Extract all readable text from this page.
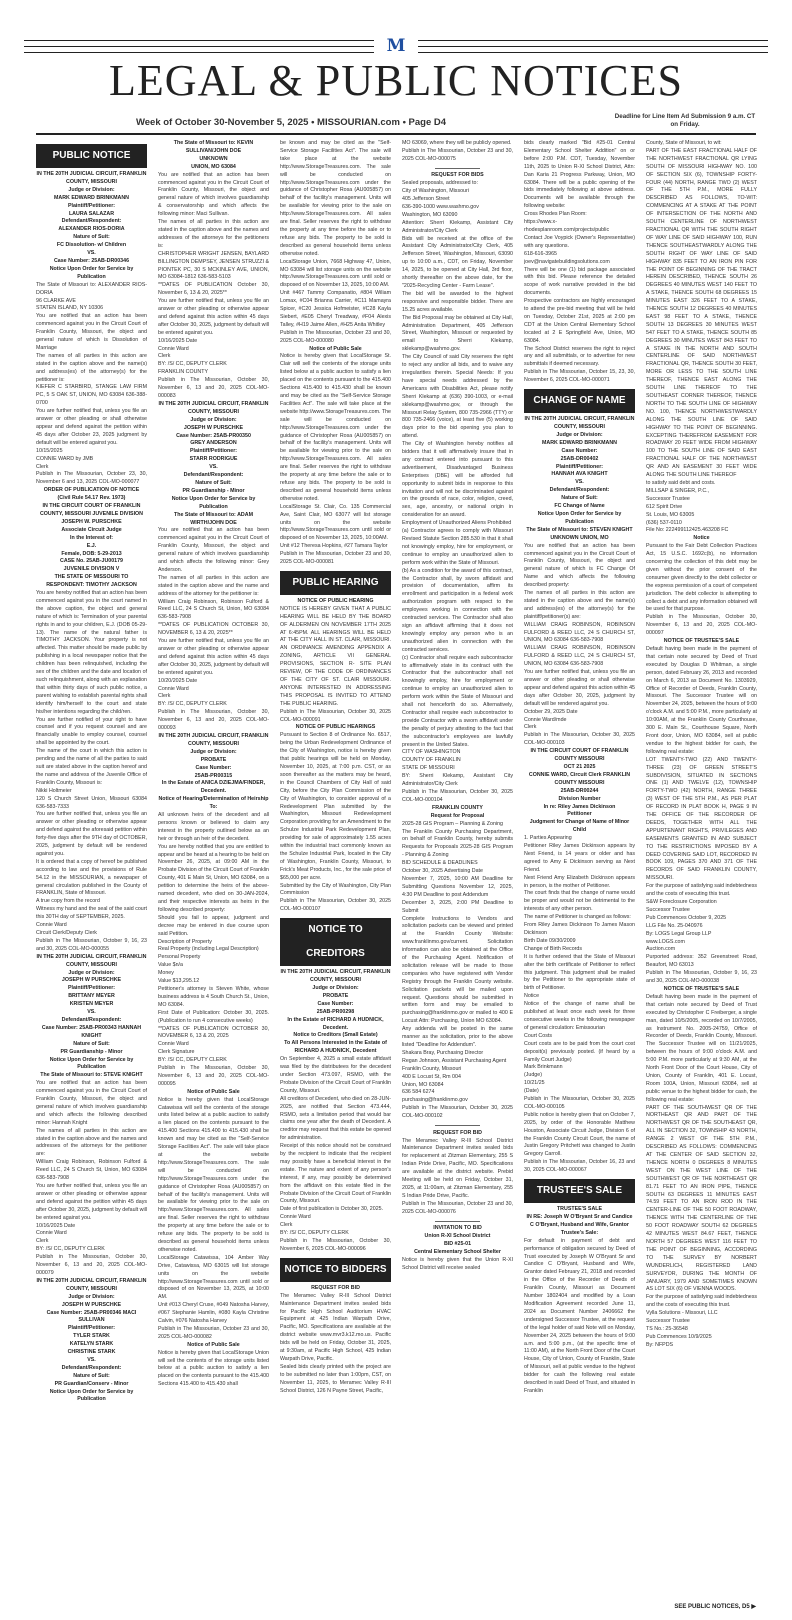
M
LEGAL & PUBLIC NOTICES
Week of October 30-November 5, 2025 • MISSOURIAN.com • Page D4
Deadline for Line Item Ad Submission 9 a.m. CT on Friday.
PUBLIC NOTICE
IN THE 20TH JUDICIAL CIRCUIT, FRANKLIN COUNTY, MISSOURI
Judge or Division:
MARK EDWARD BRINKMANN
Plaintiff/Petitioner:
LAURA SALAZAR
Defendant/Respondent:
ALEXANDER RIOS-DORIA
Nature of Suit:
FC Dissolution- w/ Children
VS.
Case Number: 25AB-DR00346
Notice Upon Order for Service by Publication
The State of Missouri to: ALEXANDER RIOS-DORIA
96 CLARKE AVE
STATEN ISLAND, NY 10306
You are notified that an action has been commenced against you in the Circuit Court of Franklin County, Missouri, the object and general nature of which is Dissolution of Marriage
The names of all parties in this action are stated in the caption above and the name(s) and address(es) of the attorney(s) for the petitioner is:
KIEFER C STARBIRD, STANGE LAW FIRM PC, 5 S OAK ST, UNION, MO 63084 636-388-0700
You are further notified that, unless you file an answer or other pleading or shall otherwise appear and defend against the petition within 45 days after October 23, 2025 judgment by default will be entered against you.
10/15/2025
CONNIE WARD by JMB
Clerk
Publish in The Missourian, October 23, 30, November 6 and 13, 2025 COL-MO-000077
ORDER OF PUBLICATION OF NOTICE
(Civil Rule 54.17 Rev. 1973)
IN THE CIRCUIT COURT OF FRANKLIN COUNTY, MISSOURI JUVENILE DIVISION
JOSEPH W. PURSCHKE
Associate Circuit Judge
In the Interest of:
E.J.
Female, DOB: 5-29-2013
CASE No. 25AB-JU00179
JUVENILE DIVISION V
THE STATE OF MISSOURI TO RESPONDENT: TIMOTHY JACKSON
You are hereby notified that an action has been commenced against you in the court named in the above caption, the object and general nature of which is: Termination of your parental rights in and to your children, E.J. (DOB 05-29-13). The name of the natural father is TIMOTHY JACKSON. Your property is not affected. This matter should be made public by publishing in a local newspaper notice that the children has been relinquished, including the sex of the children and the date and location of such relinquishment, along with an explanation that within thirty days of such public notice, a parent wishing to establish parental rights shall identify him/herself to the court and state his/her intentions regarding the child/ren.
You are further notified of your right to have counsel and if you request counsel and are financially unable to employ counsel, counsel shall be appointed by the court.
The name of the court in which this action is pending and the name of all the parties to said suit are stated above in the caption hereof and the name and address of the Juvenile Office of Franklin County, Missouri is:
Nikki Holtmeier
120 S Church Street Union, Missouri 63084 636-583-7333
You are further notified that, unless you file an answer or other pleading or otherwise appear and defend against the aforesaid petition within forty-five days after the 9TH day of OCTOBER, 2025, judgment by default will be rendered against you.
It is ordered that a copy of hereof be published according to law and the provisions of Rule 54.12 in the MISSOURIAN, a newspaper of general circulation published in the County of FRANKLIN, State of Missouri.
A true copy from the record
Witness my hand and the seal of the said court this 30TH day of SEPTEMBER, 2025.
Connie Ward
Circuit Clerk/Deputy Clerk
Publish in The Missourian, October 9, 16, 23 and 30, 2025 COL-MO-000055
IN THE 20TH JUDICIAL CIRCUIT, FRANKLIN COUNTY, MISSOURI
Judge or Division:
JOSEPH W PURSCHKE
Plaintiff/Petitioner:
BRITTANY MEYER
KRISTEN MEYER
VS.
Defendant/Respondent:
Case Number: 25AB-PR00343 HANNAH KNIGHT
Nature of Suit:
PR Guardianship - Minor
Notice Upon Order for Service by Publication
The State of Missouri to: STEVE KNIGHT
You are notified that an action has been commenced against you in the Circuit Court of Franklin County, Missouri, the object and general nature of which involves guardianship and which affects the following described minor: Hannah Knight
The names of all parties in this action are stated in the caption above and the names and addresses of the attorneys for the petitioner are:
William Craig Robinson, Robinson Fulford & Reed LLC, 24 S Church St, Union, MO 63084 636-583-7908
You are further notified that, unless you file an answer or other pleading or otherwise appear and defend against the petition within 45 days after October 30, 2025, judgment by default will be entered against you.
10/16/2025 Date
Connie Ward
Clerk
BY: /S/ CC, DEPUTY CLERK
Publish in The Missourian, October 30, November 6, 13 and 20, 2025 COL-MO-000079
IN THE 20TH JUDICIAL CIRCUIT, FRANKLIN COUNTY, MISSOURI
Judge or Division:
JOSEPH W PURSCHKE
Case Number: 25AB-PR00346 MACI SULLIVAN
Plaintiff/Petitioner:
TYLER STARK
KATELYN STARK
CHRISTINE STARK
VS.
Defendant/Respondent:
Nature of Suit:
PR Guardian/Conserv - Minor
Notice Upon Order for Service by Publication
The State of Missouri to: KEVIN SULLIVAN/JOHN DOE
UNKNOWN
UNION, MO 63084
You are notified that an action has been commenced against you in the Circuit Court of Franklin County, Missouri, the object and general nature of which involves guardianship & conservatorship and which affects the following minor: Maci Sullivan.
The names of all parties in this action are stated in the caption above and the names and addresses of the attorneys for the petitioners is:
CHRISTOPHER WRIGHT JENSEN, BAYLARD BILLINGTON DEMPSEY, JENSEN STRUZZI & PIONTEK PC, 30 S MCKINLEY AVE, UNION, MO 63084-1812 636-583-5103
**DATES OF PUBLICATION October 30, November 6, 13 & 20, 2025**
You are further notified that, unless you file an answer or other pleading or otherwise appear and defend against this action within 45 days after October 30, 2025, judgment by default will be entered against you.
10/16/2025 Date
Connie Ward
Clerk
BY: /S/ CC, DEPUTY CLERK
FRANKLIN COUNTY
Publish in The Missourian, October 30, November 6, 13 and 20, 2025 COL-MO-000083
IN THE 20TH JUDICIAL CIRCUIT, FRANKLIN COUNTY, MISSOURI
Judge or Division:
JOSEPH W PURSCHKE
Case Number: 25AB-PR00350
GREY ANDERSON
Plaintiff/Petitioner:
STARR RODRIGUE
VS.
Defendant/Respondent:
Nature of Suit:
PR Guardianship - Minor
Notice Upon Order for Service by Publication
The State of Missouri to: ADAM WIRTH/JOHN DOE
You are notified that an action has been commenced against you in the Circuit Court of Franklin County, Missouri, the object and general nature of which involves guardianship and which affects the following minor: Grey Anderson.
The names of all parties in this action are stated in the caption above and the name and address of the attorney for the petitioner is:
William Craig Robinson, Robinson Fulford & Reed LLC, 24 S Church St, Union, MO 63084 636-583-7908
**DATES OF PUBLICATION OCTOBER 30, NOVEMBER 6, 13 & 20, 2025**
You are further notified that, unless you file an answer or other pleading or otherwise appear and defend against this action within 45 days after October 30, 2025, judgment by default will be entered against you.
10/20/2025 Date
Connie Ward
Clerk
BY: /S/ CC, DEPUTY CLERK
Publish in The Missourian, October 30, November 6, 13 and 20, 2025 COL-MO-000093
IN THE 20TH JUDICIAL CIRCUIT, FRANKLIN COUNTY, MISSOURI
Judge or Division:
PROBATE
Case Number:
25AB-PR00315
In the Estate of ANICA DZIEJMA/FINDER, Decedent.
Notice of Hearing/Determination of Heirship
To:
All unknown heirs of the decedent and all persons known or believed to claim any interest in the property outlined below as an heir or through an heir of the decedent.
You are hereby notified that you are entitled to appear and be heard at a hearing to be held on November 26, 2025, at 09:00 AM in the Probate Division of the Circuit Court of Franklin County, 401 E Main St, Union, MO 63084, on a petition to determine the heirs of the above-named decedent, who died on 30-JAN-2024, and their respective interests as heirs in the following described property:
Should you fail to appear, judgment and decree may be entered in due course upon said Petition.
Description of Property
Real Property (including Legal Description)
Personal Property
Value $n/a
Money
Value $13,295.12
Petitioner's attorney is Steven White, whose business address is 4 South Church St., Union, MO 63084.
First Date of Publication: October 30, 2025. (Publication to run 4 consecutive weeks)
**DATES OF PUBLICATION OCTOBER 30, NOVEMBER 6, 13 & 20, 2025
Connie Ward
Clerk Signature
BY: /S/ CC, DEPUTY CLERK
Publish in The Missourian, October 30, November 6, 13 and 20, 2025 COL-MO-000095
Notice of Public Sale
Notice is hereby given that LocalStorage Catawissa will sell the contents of the storage units listed below at a public auction to satisfy a lien placed on the contents pursuant to the 415.400 Sections 415.400 to 415.430 shall be known and may be cited as the "Self-Service Storage Facilities Act". The sale will take place at the website http://www.StorageTreasures.com. The sale will be conducted on http://www.StorageTreasures.com under the guidance of Christopher Rosa (AU005857) on behalf of the facility's management. Units will be available for viewing prior to the sale on http://www.StorageTreasures.com. All sales are final. Seller reserves the right to withdraw the property at any time before the sale or to refuse any bids. The property to be sold is described as general household items unless otherwise noted.
LocalStorage Catawissa, 104 Amber Way Drive, Catawissa, MO 63015 will list storage units on the website http://www.StorageTreasures.com until sold or disposed of on November 13, 2025, at 10:00 AM.
Unit #013 Cheryl Cruse, #049 Natosha Harvey, #067 Stephanie Hamlin, #080 Kayla Christine Calvin, #076 Natosha Harvey
Publish in The Missourian, October 23 and 30, 2025 COL-MO-000082
Notice of Public Sale
Notice is hereby given that LocalStorage Union will sell the contents of the storage units listed below at a public auction to satisfy a lien placed on the contents pursuant to the 415.400 Sections 415.400 to 415.430 shall
be known and may be cited as the "Self-Service Storage Facilities Act". The sale will take place at the website http://www.StorageTreasures.com. The sale will be conducted on http://www.StorageTreasures.com under the guidance of Christopher Rosa (AU005857) on behalf of the facility's management. Units will be available for viewing prior to the sale on http://www.StorageTreasures.com. All sales are final. Seller reserves the right to withdraw the property at any time before the sale or to refuse any bids. The property to be sold is described as general household items unless otherwise noted.
LocalStorage Union, 7668 Highway 47, Union, MO 63084 will list storage units on the website http://www.StorageTreasures.com until sold or disposed of on November 13, 2025, 10:00 AM.
Unit #467 Tammy Companatio, #804 Wiliam Lomax, #C04 Brianna Carrier, #C11 Mamayra Spicer, #C20 Jessica Hofmeister, #C28 Kayla Siebert, #E05 Cheryl Treadway, #F04 Alexis Talley, #H19 Jaime Allen, #H25 Anita Whitley
Publish in The Missourian, October 23 and 30, 2025 COL-MO-000080
Notice of Public Sale
Notice is hereby given that LocalStorage St. Clair will sell the contents of the storage units listed below at a public auction to satisfy a lien placed on the contents pursuant to the 415.400 Sections 415.400 to 415.430 shall be known and may be cited as the "Self-Service Storage Facilities Act". The sale will take place at the website http://www.StorageTreasures.com. The sale will be conducted on http://www.StorageTreasures.com under the guidance of Christopher Rosa (AU005857) on behalf of the facility's management. Units will be available for viewing prior to the sale on http://www.StorageTreasures.com. All sales are final. Seller reserves the right to withdraw the property at any time before the sale or to refuse any bids. The property to be sold is described as general household items unless otherwise noted.
LocalStorage St. Clair, Co. 135 Commercial Ave, Saint Clair, MO 63077 will list storage units on the website http://www.StorageTreasures.com until sold or disposed of on November 13, 2025, 10:00AM.
Unit #12 Theresa Hopkins, #27 Tamara Taylor
Publish in The Missourian, October 23 and 30, 2025 COL-MO-000081
PUBLIC HEARING
NOTICE OF PUBLIC HEARING
NOTICE IS HEREBY GIVEN THAT A PUBLIC HEARING WILL BE HELD BY THE BOARD OF ALDERMEN ON NOVEMBER 17TH 2025 AT 6:45PM. ALL HEARINGS WILL BE HELD AT THE CITY HALL IN ST. CLAIR, MISSOURI. AN ORDINANCE AMENDING APPENDIX A ZONING, ARTICLE VII GENERAL PROVISIONS, SECTION R- SITE PLAN REVIEW, OF THE CODE OF ORDINANCES OF THE CITY OF ST. CLAIR MISSOURI. ANYONE INTERESTED IN ADDRESSING THIS PROPOSAL IS INVITED TO ATTEND THE PUBLIC HEARING.
Publish in The Missourian, October 30, 2025 COL-MO-000091
NOTICE OF PUBLIC HEARINGS
Pursuant to Section 8 of Ordinance No. 6517, being the Urban Redevelopment Ordinance of the City of Washington, notice is hereby given that public hearings will be held on Monday, November 10, 2025, at 7:00 p.m. CST, or as soon thereafter as the matters may be heard, in the Council Chambers of City Hall of said City, before the City Plan Commission of the City of Washington, to consider approval of a Redevelopment Plan submitted by the Washington, Missouri Redevelopment Corporation providing for an Amendment to the Schulze Industrial Park Redevelopment Plan, providing for sale of approximately 1.55 acres within the industrial tract commonly known as the Schulze Industrial Park, located in the City of Washington, Franklin County, Missouri, to Frick's Meat Products, Inc., for the sale price of $65,000 per acre.
Submitted by the City of Washington, City Plan Commission
Publish in The Missourian, October 30, 2025 COL-MO-000107
NOTICE TO CREDITORS
IN THE 20TH JUDICIAL CIRCUIT, FRANKLIN COUNTY, MISSOURI
Judge or Division:
PROBATE
Case Number:
25AB-PR00298
In the Estate of RICHARD A HUDNICK, Decedent.
Notice to Creditors (Small Estate)
To All Persons Interested in the Estate of RICHARD A HUDNICK, Decedent
On September 4, 2025 a small estate affidavit was filed by the distributees for the decedent under Section 473.097, RSMO, with the Probate Division of the Circuit Court of Franklin County, Missouri.
All creditors of Decedent, who died on 28-JUN-2025, are notified that Section 473.444, RSMO, sets a limitation period that would bar claims one year after the death of Decedent. A creditor may request that this estate be opened for administration.
Receipt of this notice should not be construed by the recipient to indicate that the recipient may possibly have a beneficial interest in the estate. The nature and extent of any person's interest, if any, may possibly be determined from the affidavit on this estate filed in the Probate Division of the Circuit Court of Franklin County, Missouri.
Date of first publication is October 30, 2025.
Connie Ward
Clerk
BY: /S/ CC, DEPUTY CLERK
Publish in The Missourian, October 30, November 6, 2025 COL-MO-000096
NOTICE TO BIDDERS
REQUEST FOR BID
The Meramec Valley R-III School District Maintenance Department invites sealed bids for Pacific High School Auditorium HVAC Equipment at 425 Indian Warpath Drive, Pacific, MO. Specifications are available at the district website www.mvr3.k12.mo.us. Pacific bids will be held on Friday, October 31, 2025, at 9:30am, at Pacific High School, 425 Indian Warpath Drive, Pacific.
Sealed bids clearly printed with the project are to be submitted no later than 1:00pm, CST, on November 11, 2025, to Meramec Valley R-III School District, 126 N Payne Street, Pacific,
MO 63069, where they will be publicly opened.
Publish in The Missourian, October 23 and 30, 2025 COL-MO-000075
REQUEST FOR BIDS
Sealed proposals, addressed to:
City of Washington, Missouri
405 Jefferson Street
636-390-1000 www.washmo.gov
Washington, MO 63090
Attention: Sherri Klekamp, Assistant City Administrator/City Clerk
Bids will be received at the office of the Assistant City Administrator/City Clerk, 405 Jefferson Street, Washington, Missouri, 63090 up to 10:00 a.m., CDT, on Friday, November 14, 2025, to be opened at City Hall, 3rd floor, shortly thereafter on the above date, for the "2025-Recycling Center - Farm Lease".
The bid will be awarded to the highest responsive and responsible bidder. There are 15.25 acres available.
The Bid Proposal may be obtained at City Hall, Administration Department, 405 Jefferson Street, Washington, Missouri or requested by email to Sherri Klekamp, sklekamp@washmo.gov.
The City Council of said City reserves the right to reject any and/or all bids, and to waive any irregularities therein. Special Needs: If you have special needs addressed by the Americans with Disabilities Act, please notify Sherri Klekamp at (636) 390-1003, or e-mail sklekamp@washmo.gov, or through the Missouri Relay System, 800 735-2966 (TTY) or 800 735-2466 (voice), at least five (5) working days prior to the bid opening you plan to attend.
The City of Washington hereby notifies all bidders that it will affirmatively insure that in any contract entered into pursuant to this advertisement, Disadvantaged Business Enterprises (DBE) will be afforded full opportunity to submit bids in response to this invitation and will not be discriminated against on the grounds of race, color, religion, creed, sex, age, ancestry, or national origin in consideration for an award.
Employment of Unauthorized Aliens Prohibited
(a) Contractor agrees to comply with Missouri Revised Statute Section 285.530 in that it shall not knowingly employ, hire for employment, or continue to employ an unauthorized alien to perform work within the State of Missouri.
(b) As a condition for the award of this contract, the Contractor shall, by sworn affidavit and provision of documentation, affirm its enrollment and participation in a federal work authorization program with respect to the employees working in connection with the contracted services. The Contractor shall also sign an affidavit affirming that it does not knowingly employ any person who is an unauthorized alien in connection with the contracted services.
(c) Contractor shall require each subcontractor to affirmatively state in its contract with the Contractor that the subcontractor shall not knowingly employ, hire for employment or continue to employ an unauthorized alien to perform work within the State of Missouri and shall not henceforth do so. Alternatively, Contractor shall require each subcontractor to provide Contractor with a sworn affidavit under the penalty of perjury attesting to the fact that the subcontractor's employees are lawfully present in the United States.
CITY OF WASHINGTON
COUNTY OF FRANKLIN
STATE OF MISSOURI
BY: Sherri Klekamp, Assistant City Administrator/City Clerk
Publish in The Missourian, October 30, 2025 COL-MO-000104
FRANKLIN COUNTY
Request for Proposal
2025-28 GIS Program – Planning & Zoning
The Franklin County Purchasing Department, on behalf of Franklin County, hereby submits Requests for Proposals 2025-28 GIS Program - Planning & Zoning
BID SCHEDULE & DEADLINES
October 30, 2025 Advertising Date
November 7, 2025, 10:00 AM Deadline for Submitting Questions November 12, 2025, 4:30 PM Deadline to post Addendum
December 3, 2025, 2:00 PM Deadline to Submit
Complete Instructions to Vendors and solicitation packets can be viewed and printed at the Franklin County Website: www.franklinmo.gov/current. Solicitation information can also be obtained at the Office of the Purchasing Agent. Notification of solicitation release will be made to those companies who have registered with Vendor Registry through the Franklin County website. Solicitation packets will be mailed upon request. Questions should be submitted in written form and may be emailed to purchasing@franklinmo.gov or mailed to 400 E Locust Attn: Purchasing, Union MO 63084.
Any addenda will be posted in the same manner as the solicitation, prior to the above listed "Deadline for Addendum".
Shakara Bray, Purchasing Director
Regan Johnson, Assistant Purchasing Agent
Franklin County, Missouri
400 E Locust St, Rm 004
Union, MO 63084
636 584 6274
purchasing@franklinmo.gov
Publish in The Missourian, October 30, 2025 COL-MO-000102
REQUEST FOR BID
The Meramec Valley R-III School District Maintenance Department invites sealed bids for replacement at Zitzman Elementary, 255 S Indian Pride Drive, Pacific, MO. Specifications are available at the district website. Prebid Meeting will be held on Friday, October 31, 2025, at 11:00am, at Zitzman Elementary, 255 S Indian Pride Drive, Pacific.
Publish in The Missourian, October 23 and 30, 2025 COL-MO-000076
INVITATION TO BID
Union R-XI School District
BID #25-01
Central Elementary School Shelter
Notice is hereby given that the Union R-XI School District will receive sealed
bids clearly marked "Bid #25-01 Central Elementary School Shelter Addition" on or before 2:00 P.M. CDT, Tuesday, November 11th, 2025 to Union R-XI School District, Attn: Dan Karia 21 Progress Parkway, Union, MO 63084. There will be a public opening of the bids immediately following at above address. Documents will be available through the following website:
Cross Rhodes Plan Room:
https://www.x-rhodesplanroom.com/projects/public
Contact Joe Voypick (Owner's Representative) with any questions.
618-616-3965 joev@navigatebuildingsolutions.com
There will be one (1) bid package associated with this bid. Please reference the detailed scope of work narrative provided in the bid documents.
Prospective contractors are highly encouraged to attend the pre-bid meeting that will be held on Tuesday, October 21st, 2025 at 2:00 pm CDT at the Union Central Elementary School located at 2 E Springfield Ave, Union, MO 63084.
The School District reserves the right to reject any and all submittals, or to advertise for new submittals if deemed necessary.
Publish in The Missourian, October 15, 23, 30, November 6, 2025 COL-MO-000071
CHANGE OF NAME
IN THE 20TH JUDICIAL CIRCUIT, FRANKLIN COUNTY, MISSOURI
Judge or Division:
MARK EDWARD BRINKMANN
Case Number:
25AB-DR00402
Plaintiff/Petitioner:
HANNAH AVA KNIGHT
VS.
Defendant/Respondent:
Nature of Suit:
FC Change of Name
Notice Upon Order for Service by Publication
The State of Missouri to: STEVEN KNIGHT
UNKNOWN UNION, MO
You are notified that an action has been commenced against you in the Circuit Court of Franklin County, Missouri, the object and general nature of which is FC Change Of Name and which affects the following described property:
The names of all parties in this action are stated in the caption above and the name(s) and address(es) of the attorney(s) for the plaintiff/petitioner(s) are:
WILLIAM CRAIG ROBINSON, ROBINSON FULFORD & REED LLC, 24 S CHURCH ST, UNION, MO 63084 636-583-7908
WILLIAM CRAIG ROBINSON, ROBINSON FULFORD & REED LLC, 24 S CHURCH ST, UNION, MO 63084 636-583-7908
You are further notified that, unless you file an answer or other pleading or shall otherwise appear and defend against this action within 45 days after October 30, 2025, judgment by default will be rendered against you.
October 29, 2025 Date
Connie Ward/mde
Clerk
Publish in The Missourian, October 30, 2025 COL-MO-000103
IN THE CIRCUIT COURT OF FRANKLIN COUNTY MISSOURI
OCT 21 2025
CONNIE WARD, Circuit Clerk FRANKLIN COUNTY MISSOURI
25AB-DR00244
Division Number
In re: Riley James Dickinson
Petitioner
Judgment for Change of Name of Minor Child
1. Parties Appearing
Petitioner Riley James Dickinson appears by Next Friend, is 14 years or older and has agreed to Amy E Dickinson serving as Next Friend.
Next Friend Amy Elizabeth Dickinson appears in person, is the mother of Petitioner.
The court finds that the change of name would be proper and would not be detrimental to the interests of any other person.
The name of Petitioner is changed as follows:
From Riley James Dickinson To James Mason Dickinson
Birth Date 09/30/2009
Change of Birth Records
It is further ordered that the State of Missouri alter the birth certificate of Petitioner to reflect this judgment. This judgment shall be mailed by the Petitioner to the appropriate state of birth of Petitioner.
Notice
Notice of the change of name shall be published at least once each week for three consecutive weeks in the following newspaper of general circulation: Emissourian
Court Costs
Court costs are to be paid from the court cost deposit(s) previously posted. (if heard by a Family Court Judge)
Mark Brinkmann
(Judge)
10/21/25
(Date)
Publish in The Missourian, October 30, 2025 COL-MO-000105
Public notice is hereby given that on October 7, 2025, by order of the Honorable Matthew Houston, Associate Circuit Judge, Division 6 of the Franklin County Circuit Court, the name of Justin Gregory Pritchett was changed to Justin Gregory Carroll.
Publish in The Missourian, October 16, 23 and 30, 2025 COL-MO-000067
TRUSTEE'S SALE
TRUSTEE'S SALE
IN RE: Joseph W O'Bryant Sr and Candice C O'Bryant, Husband and Wife, Grantor Trustee's Sale:
For default in payment of debt and performance of obligation secured by Deed of Trust executed by Joseph W O'Bryant Sr and Candice C O'Bryant, Husband and Wife, Grantor dated February 21, 2018 and recorded in the Office of the Recorder of Deeds of Franklin County, Missouri as Document Number 1802404 and modified by a Loan Modification Agreement recorded June 11, 2024 as Document Number 2406662 the undersigned Successor Trustee, at the request of the legal holder of said Note will on Monday, November 24, 2025 between the hours of 9:00 a.m. and 5:00 p.m., (at the specific time of 11:00 AM), at the North Front Door of the Court House, City of Union, County of Franklin, State of Missouri, sell at public vendue to the highest bidder for cash the following real estate described in said Deed of Trust, and situated in Franklin
County, State of Missouri, to wit:
PART OF THE EAST FRACTIONAL HALF OF THE NORTHWEST FRACTIONAL QR LYING SOUTH OF MISSOURI HIGHWAY NO. 100 OF SECTION SIX (6), TOWNSHIP FORTY-FOUR (44) NORTH, RANGE TWO (2) WEST OF THE 5TH P.M., MORE FULLY DESCRIBED AS FOLLOWS, TO-WIT: COMMENCING AT A STAKE AT THE POINT OF INTERSECTION OF THE NORTH AND SOUTH CENTERLINE OF NORTHWEST FRACTIONAL QR WITH THE SOUTH RIGHT OF WAY LINE OF SAID HIGHWAY 100, RUN THENCE SOUTHEASTWARDLY ALONG THE SOUTH RIGHT OF WAY LINE OF SAID HIGHWAY 835 FEET TO AN IRON PIN FOR THE POINT OF BEGINNING OF THE TRACT HEREIN DESCRIBED, THENCE SOUTH 26 DEGREES 40 MINUTES WEST 140 FEET TO A STAKE, THENCE SOUTH 68 DEGREES 15 MINUTES EAST 326 FEET TO A STAKE, THENCE SOUTH 12 DEGREES 40 MINUTES EAST 98 FEET TO A STAKE, THENCE SOUTH 13 DEGREES 30 MINUTES WEST 547 FEET TO A STAKE, THENCE SOUTH 85 DEGREES 30 MINUTES WEST 843 FEET TO A STAKE IN THE NORTH AND SOUTH CENTERLINE OF SAID NORTHWEST FRACTIONAL QR, THENCE SOUTH 30 FEET, MORE OR LESS TO THE SOUTH LINE THEREOF, THENCE EAST ALONG THE SOUTH LINE THEREOF TO THE SOUTHEAST CORNER THEREOF, THENCE NORTH TO THE SOUTH LINE OF HIGHWAY NO. 100, THENCE NORTHWESTWARDLY ALONG THE SOUTH LINE OF SAID HIGHWAY TO THE POINT OF BEGINNING. EXCEPTING THEREFROM EASEMENT FOR ROADWAY 20 FEET WIDE FROM HIGHWAY 100 TO THE SOUTH LINE OF SAID EAST FRACTIONAL HALF OF THE NORTHWEST QR AND AN EASEMENT 30 FEET WIDE ALONG THE SOUTH LINE THEREOF
to satisfy said debt and costs.
MILLSAP & SINGER, P.C.,
Successor Trustee
612 Spirit Drive
St. Louis, MO 63005
(636) 537-0110
File No: 222499112425.463208 FC
Notice
Pursuant to the Fair Debt Collection Practices Act, 15 U.S.C. 1692c(b), no information concerning the collection of this debt may be given without the prior consent of the consumer given directly to the debt collector or the express permission of a court of competent jurisdiction. The debt collector is attempting to collect a debt and any information obtained will be used for that purpose.
Publish in The Missourian, October 30, November 6, 13 and 20, 2025 COL-MO-000097
NOTICE OF TRUSTEE'S SALE
Default having been made in the payment of that certain note secured by Deed of Trust executed by Douglas D Whitman, a single person, dated February 26, 2013 and recorded on March 6, 2013 as Document No. 1303929, Office of Recorder of Deeds, Franklin County, Missouri. The Successor Trustee will on November 24, 2025, between the hours of 9:00 o'clock A.M. and 5:00 P.M., more particularly at 10:00AM, at the Franklin County Courthouse, 300 E. Main St., Courthouse Square, North Front door, Union, MO 63084, sell at public vendue to the highest bidder for cash, the following real estate:
LOT TWENTY-TWO (22) AND TWENTY-THREE (23) OF GREEN STREET'S SUBDIVISION, SITUATED IN SECTIONS ONE (1) AND TWELVE (12), TOWNSHIP FORTY-TWO (42) NORTH, RANGE THREE (3) WEST OF THE 5TH P.M., AS PER PLAT OF RECORD IN PLAT BOOK H, PAGE 9 IN THE OFFICE OF THE RECORDER OF DEEDS, TOGETHER WITH ALL THE APPURTENANT RIGHTS, PRIVILEGES AND EASEMENTS GRANTED IN AND SUBJECT TO THE RESTRICTIONS IMPOSED BY A DEED COVERING SAID LOT, RECORDED IN BOOK 109, PAGES 370 AND 371 OF THE RECORDS OF SAID FRANKLIN COUNTY, MISSOURI.
For the purpose of satisfying said indebtedness and the costs of executing this trust.
S&W Foreclosure Corporation
Successor Trustee
Pub Commences October 9, 2025
LLG File No. 25-040976
By: LOGS Legal Group LLP
www.LOGS.com
Auction.com
Purported address: 352 Greenstreet Road, Beaufort, MO 63013
Publish in The Missourian, October 9, 16, 23 and 30, 2025 COL-MO-000038
NOTICE OF TRUSTEE'S SALE
Default having been made in the payment of that certain note secured by Deed of Trust executed by Christopher C Freiberger, a single man, dated 10/5/2005, recorded on 10/7/2005, as Instrument No. 2005-24759, Office of Recorder of Deeds, Franklin County, Missouri. The Successor Trustee will on 11/21/2025, between the hours of 9:00 o'clock A.M. and 5:00 P.M. more particularly at 9:30 AM, at the North Front Door of the Court House, City of Union, County of Franklin, 401 E. Locust, Room 100A, Union, Missouri 63084, sell at public venue to the highest bidder for cash, the following real estate:
PART OF THE SOUTHWEST QR OF THE NORTHEAST QR AND PART OF THE NORTHWEST QR OF THE SOUTHEAST QR, ALL IN SECTION 32, TOWNSHIP 43 NORTH, RANGE 2 WEST OF THE 5TH P.M., DESCRIBED AS FOLLOWS: COMMENCING AT THE CENTER OF SAID SECTION 32, THENCE NORTH 0 DEGREES 8 MINUTES WEST ON THE WEST LINE OF THE SOUTHWEST QR OF THE NORTHEAST QR 81.71 FEET TO AN IRON PIPE, THENCE SOUTH 63 DEGREES 11 MINUTES EAST 74.59 FEET TO AN IRON ROD IN THE CENTER-LINE OF THE 50 FOOT ROADWAY, THENCE WITH THE CENTERLINE OF THE 50 FOOT ROADWAY SOUTH 62 DEGREES 42 MINUTES WEST 84.67 FEET, THENCE NORTH 57 DEGREES WEST 116 FEET TO THE POINT OF BEGINNING, ACCORDING TO THE SURVEY BY NORBERT WUNDERLICH, REGISTERED LAND SURVEYOR, DURING THE MONTH OF JANUARY, 1979 AND SOMETIMES KNOWN AS LOT SIX (6) OF VIENNA WOODS.
For the purpose of satisfying said indebtedness and the costs of executing this trust.
Vylla Solutions - Missouri, LLC
Successor Trustee
TS No.: 25-36548
Pub Commences 10/9/2025
By: NFPDS
SEE PUBLIC NOTICES, D5 ▶
